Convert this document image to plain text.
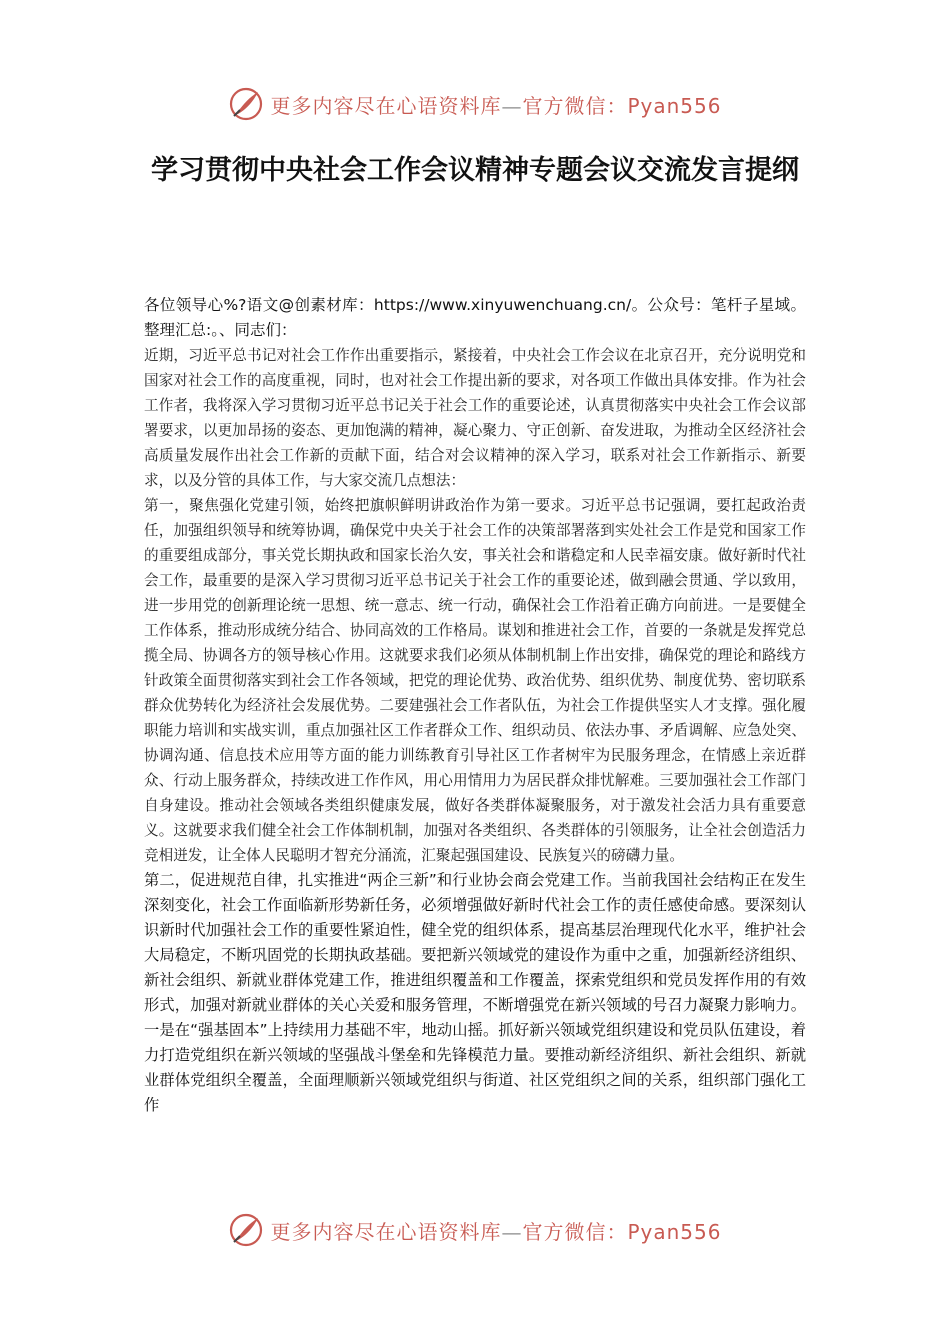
更多内容尽在心语资料库—官方微信：Pyan556
学习贯彻中央社会工作会议精神专题会议交流发言提纲

各位领导心%?语文@创素材库：https://www.xinyuwenchuang.cn/。公众号：笔杆子星域。整理汇总:。、同志们：

近期，习近平总书记对社会工作作出重要指示，紧接着，中央社会工作会议在北京召开，充分说明党和国家对社会工作的高度重视，同时，也对社会工作提出新的要求，对各项工作做出具体安排。作为社会工作者，我将深入学习贯彻习近平总书记关于社会工作的重要论述，认真贯彻落实中央社会工作会议部署要求，以更加昂扬的姿态、更加饱满的精神，凝心聚力、守正创新、奋发进取，为推动全区经济社会高质量发展作出社会工作新的贡献下面，结合对会议精神的深入学习，联系对社会工作新指示、新要求，以及分管的具体工作，与大家交流几点想法：

第一，聚焦强化党建引领，始终把旗帜鲜明讲政治作为第一要求。习近平总书记强调，要扛起政治责任，加强组织领导和统筹协调，确保党中央关于社会工作的决策部署落到实处社会工作是党和国家工作的重要组成部分，事关党长期执政和国家长治久安，事关社会和谐稳定和人民幸福安康。做好新时代社会工作，最重要的是深入学习贯彻习近平总书记关于社会工作的重要论述，做到融会贯通、学以致用，进一步用党的创新理论统一思想、统一意志、统一行动，确保社会工作沿着正确方向前进。一是要健全工作体系，推动形成统分结合、协同高效的工作格局。谋划和推进社会工作，首要的一条就是发挥党总揽全局、协调各方的领导核心作用。这就要求我们必须从体制机制上作出安排，确保党的理论和路线方针政策全面贯彻落实到社会工作各领域，把党的理论优势、政治优势、组织优势、制度优势、密切联系群众优势转化为经济社会发展优势。二要建强社会工作者队伍，为社会工作提供坚实人才支撑。强化履职能力培训和实战实训，重点加强社区工作者群众工作、组织动员、依法办事、矛盾调解、应急处突、协调沟通、信息技术应用等方面的能力训练教育引导社区工作者树牢为民服务理念，在情感上亲近群众、行动上服务群众，持续改进工作作风，用心用情用力为居民群众排忧解难。三要加强社会工作部门自身建设。推动社会领域各类组织健康发展，做好各类群体凝聚服务，对于激发社会活力具有重要意义。这就要求我们健全社会工作体制机制，加强对各类组织、各类群体的引领服务，让全社会创造活力竞相迸发，让全体人民聪明才智充分涌流，汇聚起强国建设、民族复兴的磅礴力量。

第二，促进规范自律，扎实推进“两企三新”和行业协会商会党建工作。当前我国社会结构正在发生深刻变化，社会工作面临新形势新任务，必须增强做好新时代社会工作的责任感使命感。要深刻认识新时代加强社会工作的重要性紧迫性，健全党的组织体系，提高基层治理现代化水平，维护社会大局稳定，不断巩固党的长期执政基础。要把新兴领域党的建设作为重中之重，加强新经济组织、新社会组织、新就业群体党建工作，推进组织覆盖和工作覆盖，探索党组织和党员发挥作用的有效形式，加强对新就业群体的关心关爱和服务管理，不断增强党在新兴领域的号召力凝聚力影响力。一是在“强基固本”上持续用力基础不牢，地动山摇。抓好新兴领域党组织建设和党员队伍建设，着力打造党组织在新兴领域的坚强战斗堡垒和先锋模范力量。要推动新经济组织、新社会组织、新就业群体党组织全覆盖，全面理顺新兴领域党组织与街道、社区党组织之间的关系，组织部门强化工作

更多内容尽在心语资料库—官方微信：Pyan556
